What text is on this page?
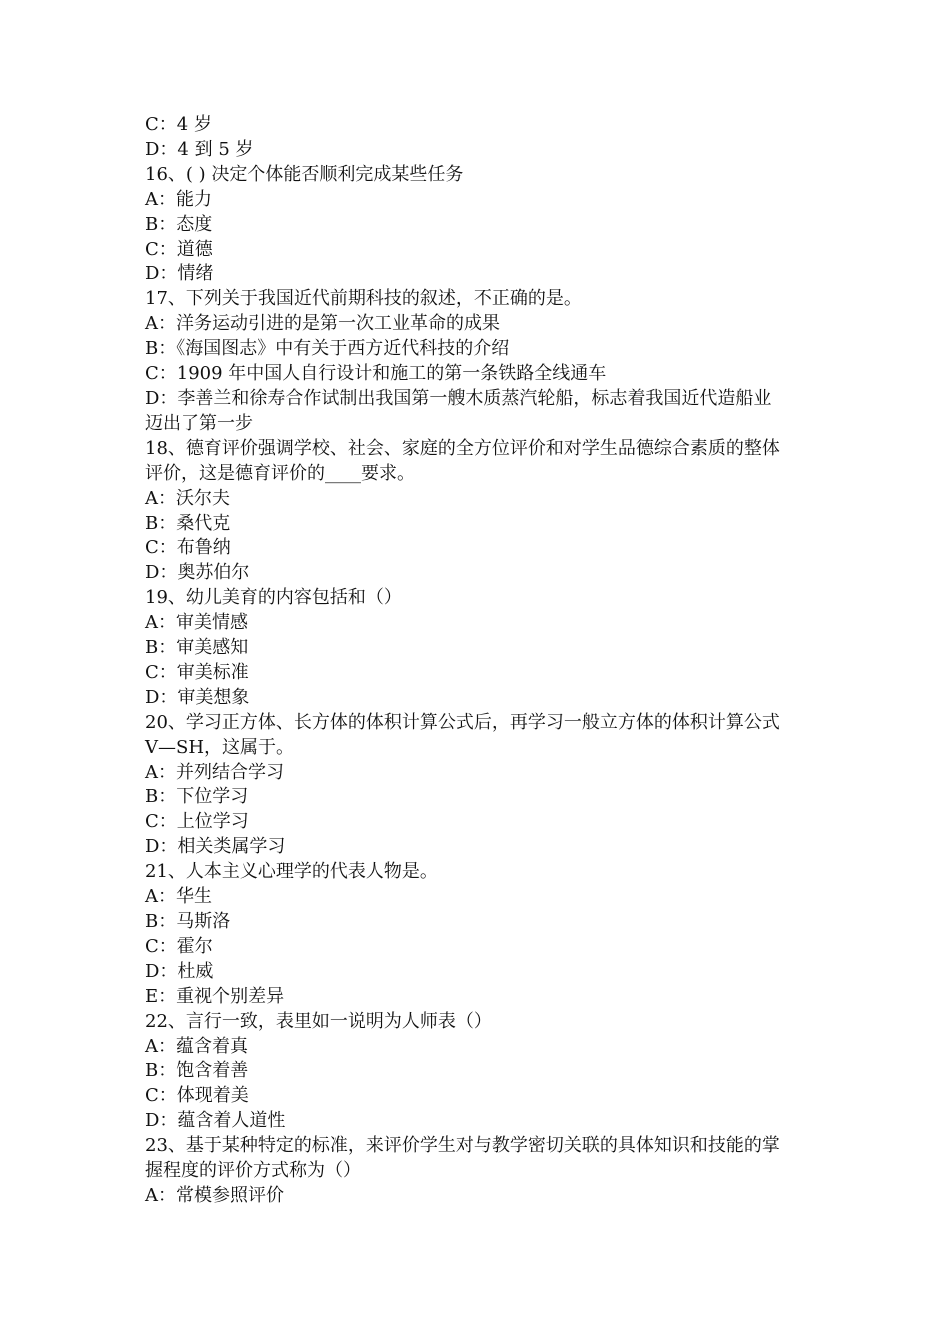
C：4 岁

D：4 到 5 岁

16、( ) 决定个体能否顺利完成某些任务

A：能力

B：态度

C：道德

D：情绪

17、下列关于我国近代前期科技的叙述，不正确的是。

A：洋务运动引进的是第一次工业革命的成果

B：《海国图志》中有关于西方近代科技的介绍

C：1909 年中国人自行设计和施工的第一条铁路全线通车

D：李善兰和徐寿合作试制出我国第一艘木质蒸汽轮船，标志着我国近代造船业

迈出了第一步

18、德育评价强调学校、社会、家庭的全方位评价和对学生品德综合素质的整体

评价，这是德育评价的____要求。

A：沃尔夫

B：桑代克

C：布鲁纳

D：奥苏伯尔

19、幼儿美育的内容包括和（）

A：审美情感

B：审美感知

C：审美标准

D：审美想象

20、学习正方体、长方体的体积计算公式后，再学习一般立方体的体积计算公式

V—SH，这属于。

A：并列结合学习

B：下位学习

C：上位学习

D：相关类属学习

21、人本主义心理学的代表人物是。

A：华生

B：马斯洛

C：霍尔

D：杜威

E：重视个别差异

22、言行一致，表里如一说明为人师表（）

A：蕴含着真

B：饱含着善

C：体现着美

D：蕴含着人道性

23、基于某种特定的标准，来评价学生对与教学密切关联的具体知识和技能的掌

握程度的评价方式称为（）

A：常模参照评价
